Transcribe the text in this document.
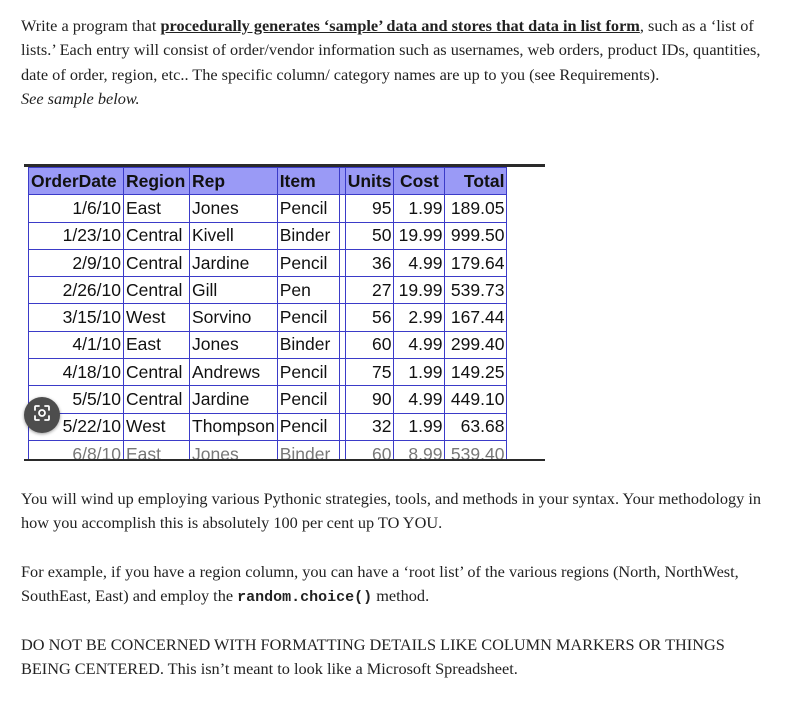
Write a program that procedurally generates ‘sample’ data and stores that data in list form, such as a ‘list of lists.’ Each entry will consist of order/vendor information such as usernames, web orders, product IDs, quantities, date of order, region, etc.. The specific column/ category names are up to you (see Requirements).
See sample below.

OrderDate	Region	Rep	Item		Units	Cost	Total
1/6/10	East	Jones	Pencil		95	1.99	189.05
1/23/10	Central	Kivell	Binder		50	19.99	999.50
2/9/10	Central	Jardine	Pencil		36	4.99	179.64
2/26/10	Central	Gill	Pen		27	19.99	539.73
3/15/10	West	Sorvino	Pencil		56	2.99	167.44
4/1/10	East	Jones	Binder		60	4.99	299.40
4/18/10	Central	Andrews	Pencil		75	1.99	149.25
5/5/10	Central	Jardine	Pencil		90	4.99	449.10
5/22/10	West	Thompson	Pencil		32	1.99	63.68
6/8/10	East	Jones	Binder		60	8.99	539.40

You will wind up employing various Pythonic strategies, tools, and methods in your syntax. Your methodology in how you accomplish this is absolutely 100 per cent up TO YOU.

For example, if you have a region column, you can have a ‘root list’ of the various regions (North, NorthWest, SouthEast, East) and employ the random.choice() method.

DO NOT BE CONCERNED WITH FORMATTING DETAILS LIKE COLUMN MARKERS OR THINGS BEING CENTERED. This isn’t meant to look like a Microsoft Spreadsheet.
